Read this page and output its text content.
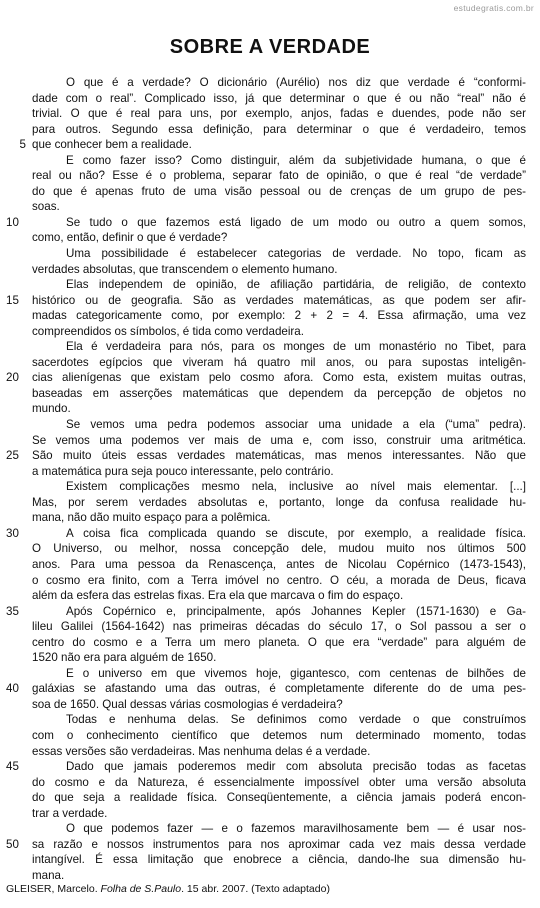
estudegratis.com.br
SOBRE A VERDADE
O que é a verdade? O dicionário (Aurélio) nos diz que verdade é “conformi-
dade com o real”. Complicado isso, já que determinar o que é ou não “real” não é
trivial. O que é real para uns, por exemplo, anjos, fadas e duendes, pode não ser
para outros. Segundo essa definição, para determinar o que é verdadeiro, temos
5 que conhecer bem a realidade.
E como fazer isso? Como distinguir, além da subjetividade humana, o que é
real ou não? Esse é o problema, separar fato de opinião, o que é real “de verdade”
do que é apenas fruto de uma visão pessoal ou de crenças de um grupo de pes-
soas.
10	Se tudo o que fazemos está ligado de um modo ou outro a quem somos,
como, então, definir o que é verdade?
Uma possibilidade é estabelecer categorias de verdade. No topo, ficam as
verdades absolutas, que transcendem o elemento humano.
Elas independem de opinião, de afiliação partidária, de religião, de contexto
15	histórico ou de geografia. São as verdades matemáticas, as que podem ser afir-
madas categoricamente como, por exemplo: 2 + 2 = 4. Essa afirmação, uma vez
compreendidos os símbolos, é tida como verdadeira.
Ela é verdadeira para nós, para os monges de um monastério no Tibet, para
sacerdotes egípcios que viveram há quatro mil anos, ou para supostas inteligên-
20	cias alienígenas que existam pelo cosmo afora. Como esta, existem muitas outras,
baseadas em asserções matemáticas que dependem da percepção de objetos no
mundo.
Se vemos uma pedra podemos associar uma unidade a ela (“uma” pedra).
Se vemos uma podemos ver mais de uma e, com isso, construir uma aritmética.
25	São muito úteis essas verdades matemáticas, mas menos interessantes. Não que
a matemática pura seja pouco interessante, pelo contrário.
Existem complicações mesmo nela, inclusive ao nível mais elementar. [...]
Mas, por serem verdades absolutas e, portanto, longe da confusa realidade hu-
mana, não dão muito espaço para a polêmica.
30	A coisa fica complicada quando se discute, por exemplo, a realidade física.
O Universo, ou melhor, nossa concepção dele, mudou muito nos últimos 500
anos. Para uma pessoa da Renascença, antes de Nicolau Copérnico (1473-1543),
o cosmo era finito, com a Terra imóvel no centro. O céu, a morada de Deus, ficava
além da esfera das estrelas fixas. Era ela que marcava o fim do espaço.
35	Após Copérnico e, principalmente, após Johannes Kepler (1571-1630) e Ga-
lileu Galilei (1564-1642) nas primeiras décadas do século 17, o Sol passou a ser o
centro do cosmo e a Terra um mero planeta. O que era “verdade” para alguém de
1520 não era para alguém de 1650.
E o universo em que vivemos hoje, gigantesco, com centenas de bilhões de
40	galáxias se afastando uma das outras, é completamente diferente do de uma pes-
soa de 1650. Qual dessas várias cosmologias é verdadeira?
Todas e nenhuma delas. Se definimos como verdade o que construímos
com o conhecimento científico que detemos num determinado momento, todas
essas versões são verdadeiras. Mas nenhuma delas é a verdade.
45	Dado que jamais poderemos medir com absoluta precisão todas as facetas
do cosmo e da Natureza, é essencialmente impossível obter uma versão absoluta
do que seja a realidade física. Conseqüentemente, a ciência jamais poderá encon-
trar a verdade.
O que podemos fazer — e o fazemos maravilhosamente bem — é usar nos-
50	sa razão e nossos instrumentos para nos aproximar cada vez mais dessa verdade
intangível. É essa limitação que enobrece a ciência, dando-lhe sua dimensão hu-
mana.
GLEISER, Marcelo. Folha de S.Paulo. 15 abr. 2007. (Texto adaptado)
